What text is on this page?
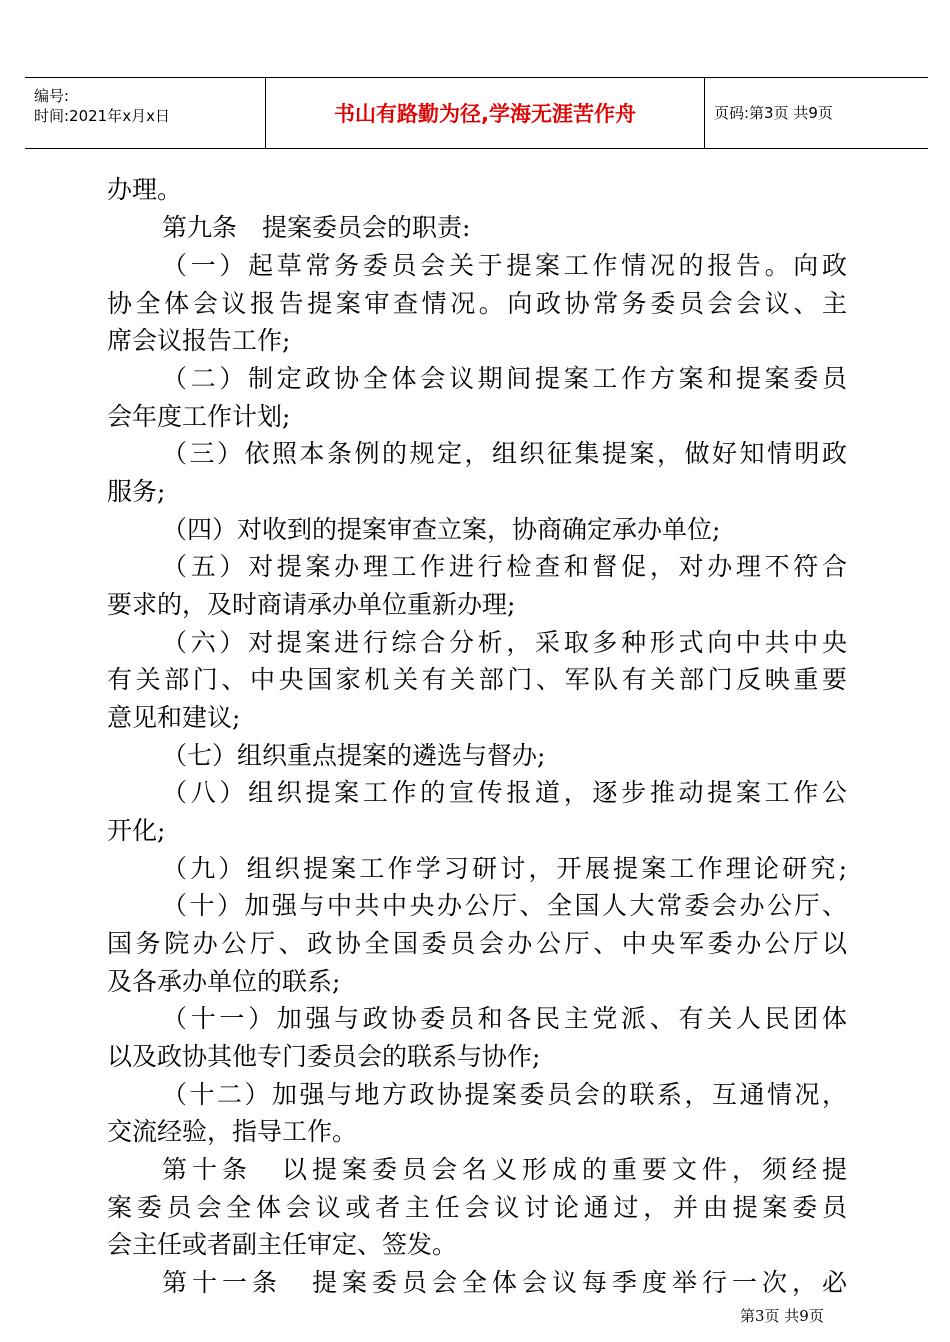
编号:
时间:2021年x月x日	书山有路勤为径,学海无涯苦作舟	页码:第3页 共9页
办理。
第九条　提案委员会的职责:
（一）起草常务委员会关于提案工作情况的报告。向政
协全体会议报告提案审查情况。向政协常务委员会会议、主
席会议报告工作;
（二）制定政协全体会议期间提案工作方案和提案委员
会年度工作计划;
（三）依照本条例的规定，组织征集提案，做好知情明政
服务;
（四）对收到的提案审查立案，协商确定承办单位;
（五）对提案办理工作进行检查和督促，对办理不符合
要求的，及时商请承办单位重新办理;
（六）对提案进行综合分析，采取多种形式向中共中央
有关部门、中央国家机关有关部门、军队有关部门反映重要
意见和建议;
（七）组织重点提案的遴选与督办;
（八）组织提案工作的宣传报道，逐步推动提案工作公
开化;
（九）组织提案工作学习研讨，开展提案工作理论研究;
（十）加强与中共中央办公厅、全国人大常委会办公厅、
国务院办公厅、政协全国委员会办公厅、中央军委办公厅以
及各承办单位的联系;
（十一）加强与政协委员和各民主党派、有关人民团体
以及政协其他专门委员会的联系与协作;
（十二）加强与地方政协提案委员会的联系，互通情况，
交流经验，指导工作。
第十条　以提案委员会名义形成的重要文件，须经提
案委员会全体会议或者主任会议讨论通过，并由提案委员
会主任或者副主任审定、签发。
第十一条　提案委员会全体会议每季度举行一次，必
第3页 共9页
